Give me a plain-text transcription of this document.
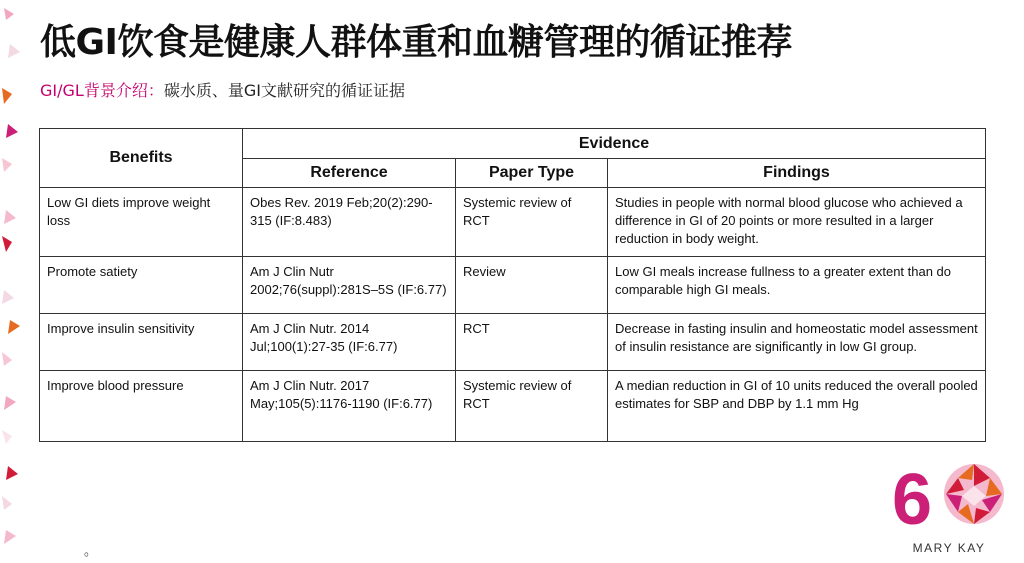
低GI饮食是健康人群体重和血糖管理的循证推荐
GI/GL背景介绍：碳水质、量GI文献研究的循证证据
Benefits	Evidence		
	Reference	Paper Type	Findings
Low GI diets improve weight loss	Obes Rev. 2019 Feb;20(2):290-315 (IF:8.483)	Systemic review of RCT	Studies in people with normal blood glucose who achieved a difference in GI of 20 points or more resulted in a larger reduction in body weight.
Promote satiety	Am J Clin Nutr 2002;76(suppl):281S–5S (IF:6.77)	Review	Low GI meals increase fullness to a greater extent than do comparable high GI meals.
Improve insulin sensitivity	Am J Clin Nutr. 2014 Jul;100(1):27-35 (IF:6.77)	RCT	Decrease in fasting insulin and homeostatic model assessment of insulin resistance are significantly in low GI group.
Improve blood pressure	Am J Clin Nutr. 2017 May;105(5):1176-1190 (IF:6.77)	Systemic review of RCT	A median reduction in GI of 10 units reduced the overall pooled estimates for SBP and DBP by 1.1 mm Hg
。
6
MARY KAY
